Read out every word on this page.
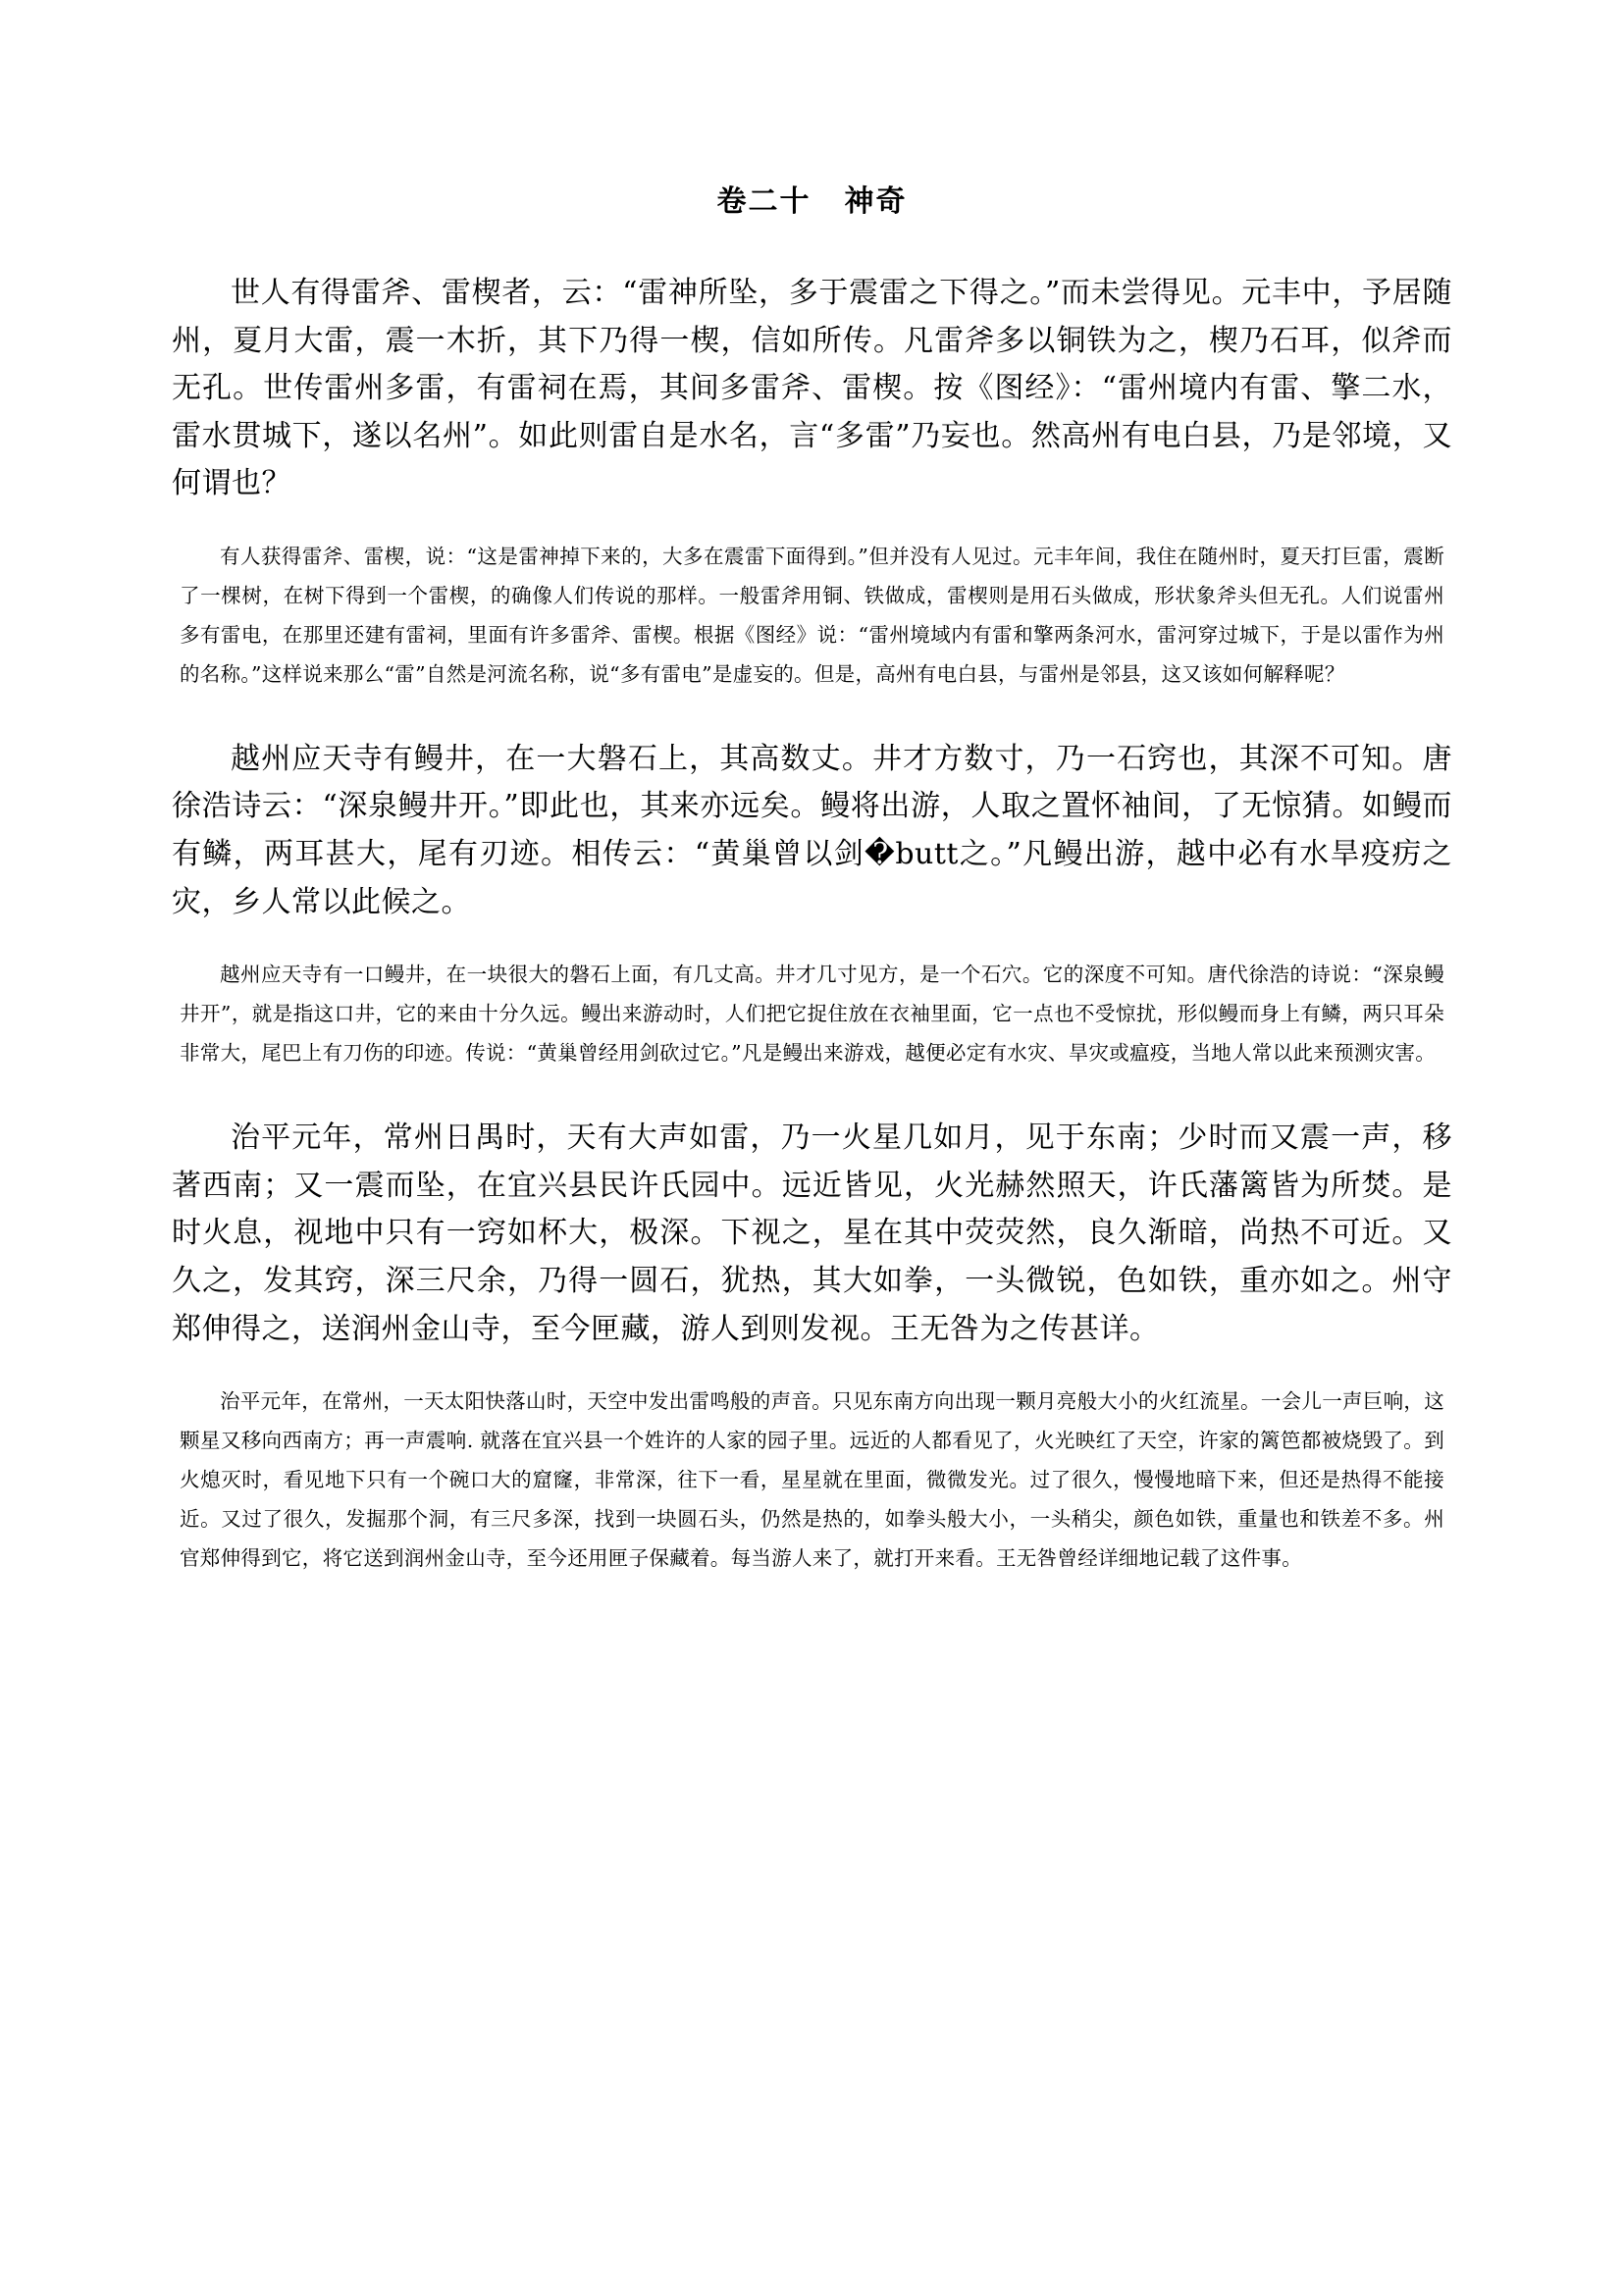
卷二十 神奇

世人有得雷斧、雷楔者，云：“雷神所坠，多于震雷之下得之。”而未尝得见。元丰中，予居随州，夏月大雷，震一木折，其下乃得一楔，信如所传。凡雷斧多以铜铁为之，楔乃石耳，似斧而无孔。世传雷州多雷，有雷祠在焉，其间多雷斧、雷楔。按《图经》：“雷州境内有雷、擎二水，雷水贯城下，遂以名州”。如此则雷自是水名，言“多雷”乃妄也。然高州有电白县，乃是邻境，又何谓也？

有人获得雷斧、雷楔，说：“这是雷神掉下来的，大多在震雷下面得到。”但并没有人见过。元丰年间，我住在随州时，夏天打巨雷，震断了一棵树，在树下得到一个雷楔，的确像人们传说的那样。一般雷斧用铜、铁做成，雷楔则是用石头做成，形状象斧头但无孔。人们说雷州多有雷电，在那里还建有雷祠，里面有许多雷斧、雷楔。根据《图经》说：“雷州境域内有雷和擎两条河水，雷河穿过城下，于是以雷作为州的名称。”这样说来那么“雷”自然是河流名称，说“多有雷电”是虚妄的。但是，高州有电白县，与雷州是邻县，这又该如何解释呢？

越州应天寺有鳗井，在一大磐石上，其高数丈。井才方数寸，乃一石窍也，其深不可知。唐徐浩诗云：“深泉鳗井开。”即此也，其来亦远矣。鳗将出游，人取之置怀袖间，了无惊猜。如鳗而有鳞，两耳甚大，尾有刃迹。相传云：“黄巢曾以剑�butt之。”凡鳗出游，越中必有水旱疫疠之灾，乡人常以此候之。

越州应天寺有一口鳗井，在一块很大的磐石上面，有几丈高。井才几寸见方，是一个石穴。它的深度不可知。唐代徐浩的诗说：“深泉鳗井开”，就是指这口井，它的来由十分久远。鳗出来游动时，人们把它捉住放在衣袖里面，它一点也不受惊扰，形似鳗而身上有鳞，两只耳朵非常大，尾巴上有刀伤的印迹。传说：“黄巢曾经用剑砍过它。”凡是鳗出来游戏，越便必定有水灾、旱灾或瘟疫，当地人常以此来预测灾害。

治平元年，常州日禺时，天有大声如雷，乃一火星几如月，见于东南；少时而又震一声，移著西南；又一震而坠，在宜兴县民许氏园中。远近皆见，火光赫然照天，许氏藩篱皆为所焚。是时火息，视地中只有一窍如杯大，极深。下视之，星在其中荧荧然，良久渐暗，尚热不可近。又久之，发其窍，深三尺余，乃得一圆石，犹热，其大如拳，一头微锐，色如铁，重亦如之。州守郑伸得之，送润州金山寺，至今匣藏，游人到则发视。王无咎为之传甚详。

治平元年，在常州，一天太阳快落山时，天空中发出雷鸣般的声音。只见东南方向出现一颗月亮般大小的火红流星。一会儿一声巨响，这颗星又移向西南方；再一声震响. 就落在宜兴县一个姓许的人家的园子里。远近的人都看见了，火光映红了天空，许家的篱笆都被烧毁了。到火熄灭时，看见地下只有一个碗口大的窟窿，非常深，往下一看，星星就在里面，微微发光。过了很久，慢慢地暗下来，但还是热得不能接近。又过了很久，发掘那个洞，有三尺多深，找到一块圆石头，仍然是热的，如拳头般大小，一头稍尖，颜色如铁，重量也和铁差不多。州官郑伸得到它，将它送到润州金山寺，至今还用匣子保藏着。每当游人来了，就打开来看。王无咎曾经详细地记载了这件事。
